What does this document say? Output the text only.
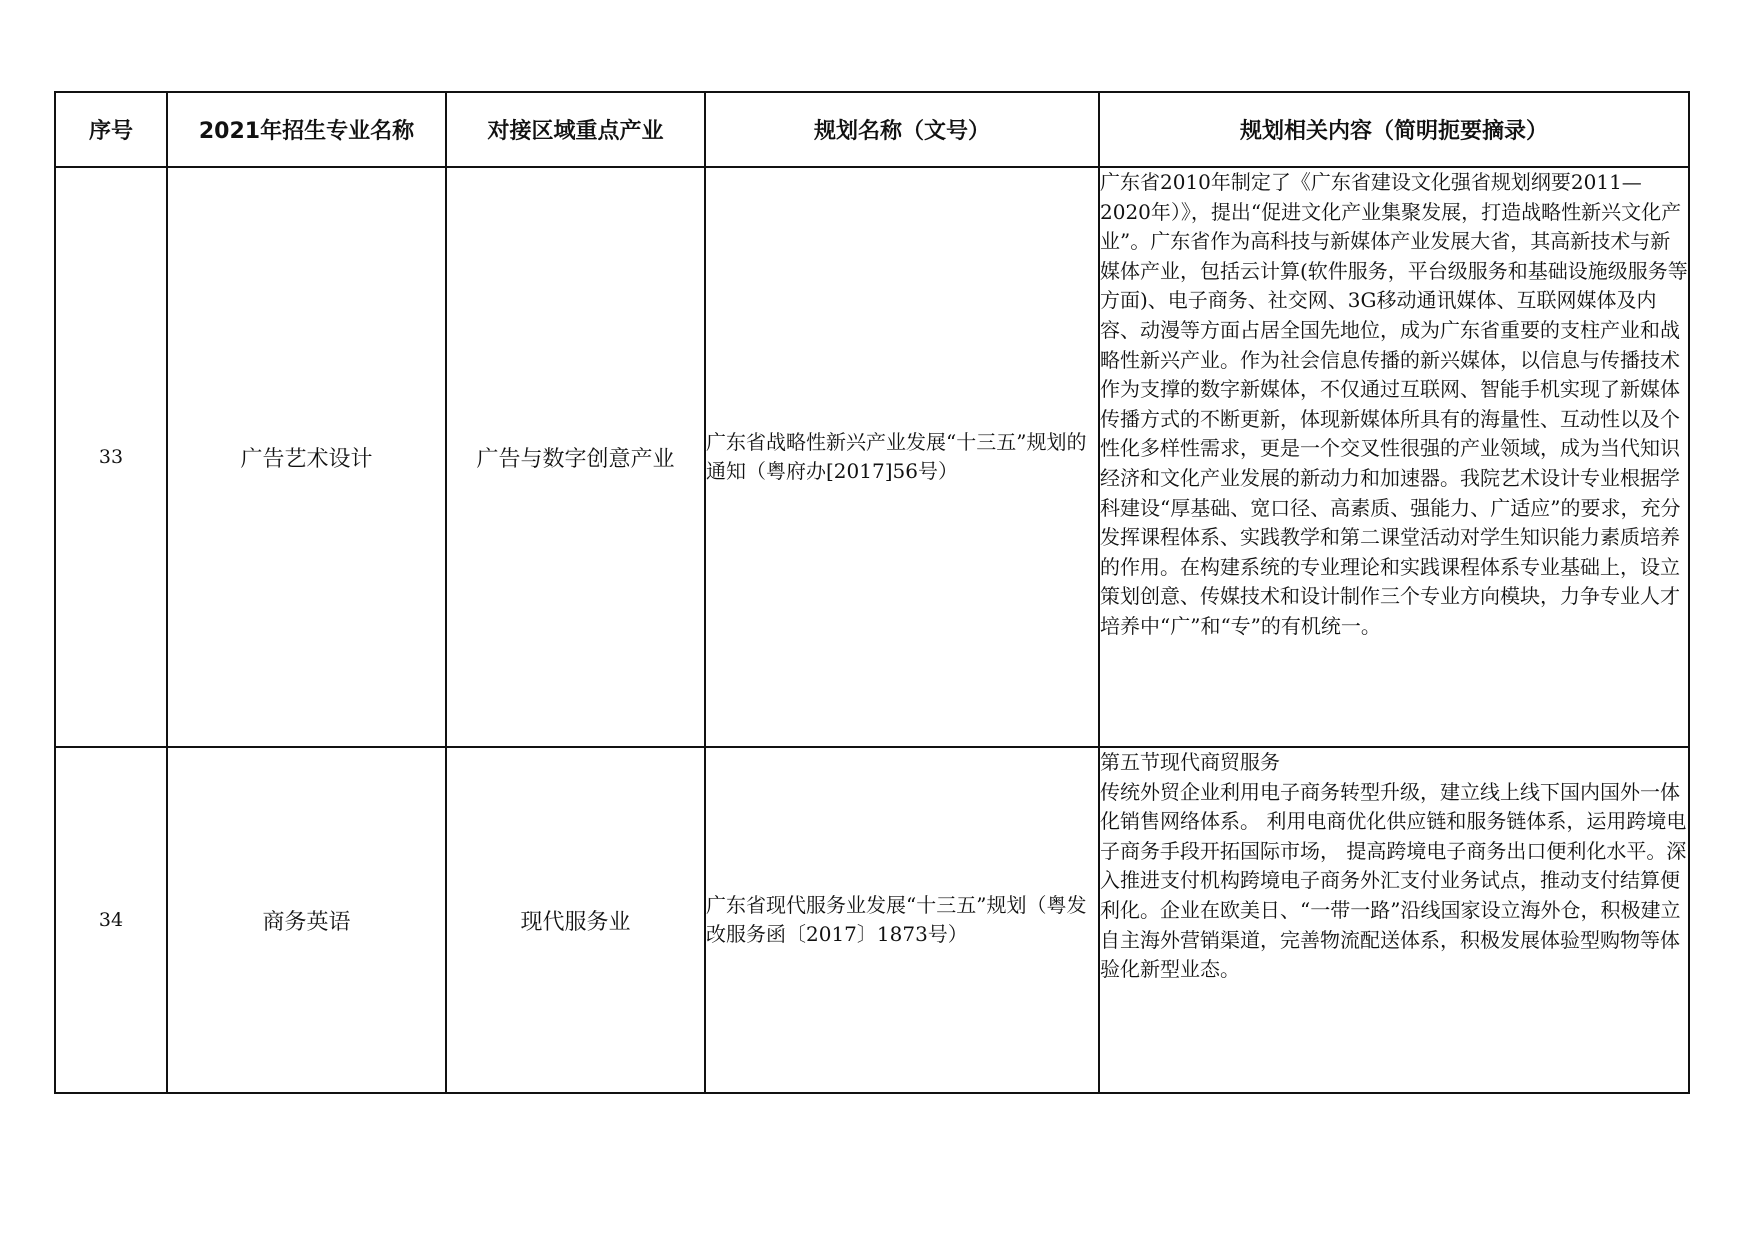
序号	2021年招生专业名称	对接区域重点产业	规划名称（文号）	规划相关内容（简明扼要摘录）
33	广告艺术设计	广告与数字创意产业	广东省战略性新兴产业发展“十三五”规划的通知（粤府办[2017]56号）	广东省2010年制定了《广东省建设文化强省规划纲要2011—2020年）》，提出“促进文化产业集聚发展，打造战略性新兴文化产业”。广东省作为高科技与新媒体产业发展大省，其高新技术与新媒体产业，包括云计算(软件服务，平台级服务和基础设施级服务等方面)、电子商务、社交网、3G移动通讯媒体、互联网媒体及内容、动漫等方面占居全国先地位，成为广东省重要的支柱产业和战略性新兴产业。作为社会信息传播的新兴媒体，以信息与传播技术作为支撑的数字新媒体，不仅通过互联网、智能手机实现了新媒体传播方式的不断更新，体现新媒体所具有的海量性、互动性以及个性化多样性需求，更是一个交叉性很强的产业领域，成为当代知识经济和文化产业发展的新动力和加速器。我院艺术设计专业根据学科建设“厚基础、宽口径、高素质、强能力、广适应”的要求，充分发挥课程体系、实践教学和第二课堂活动对学生知识能力素质培养的作用。在构建系统的专业理论和实践课程体系专业基础上，设立策划创意、传媒技术和设计制作三个专业方向模块，力争专业人才培养中“广”和“专”的有机统一。

34	商务英语	现代服务业	广东省现代服务业发展“十三五”规划（粤发改服务函〔2017〕1873号）	第五节现代商贸服务
传统外贸企业利用电子商务转型升级，建立线上线下国内国外一体化销售网络体系。 利用电商优化供应链和服务链体系，运用跨境电子商务手段开拓国际市场， 提高跨境电子商务出口便利化水平。深入推进支付机构跨境电子商务外汇支付业务试点，推动支付结算便利化。企业在欧美日、“一带一路”沿线国家设立海外仓，积极建立自主海外营销渠道，完善物流配送体系，积极发展体验型购物等体验化新型业态。
